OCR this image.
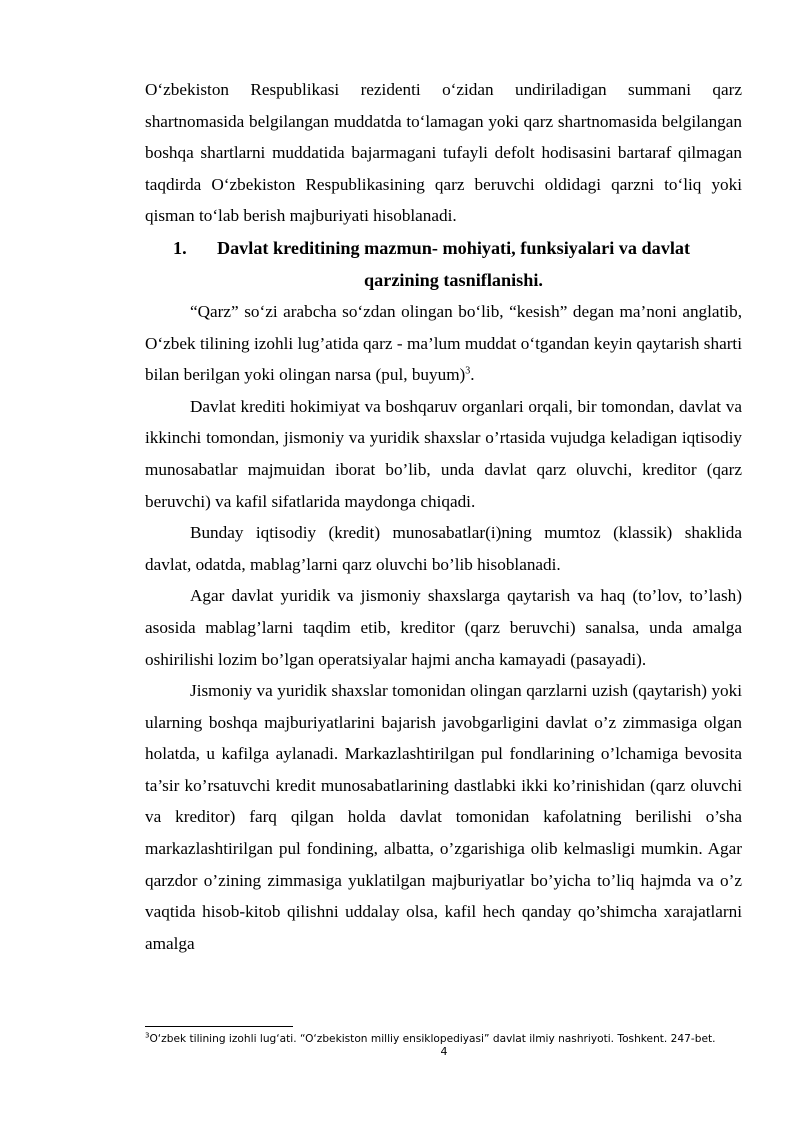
O‘zbekiston Respublikasi rezidenti o‘zidan undiriladigan summani qarz shartnomasida belgilangan muddatda to‘lamagan yoki qarz shartnomasida belgilangan boshqa shartlarni muddatida bajarmagani tufayli defolt hodisasini bartaraf qilmagan taqdirda O‘zbekiston Respublikasining qarz beruvchi oldidagi qarzni to‘liq yoki qisman to‘lab berish majburiyati hisoblanadi.

1.	Davlat kreditining mazmun- mohiyati, funksiyalari va davlat qarzining tasniflanishi.

“Qarz” so‘zi arabcha so‘zdan olingan bo‘lib, “kesish” degan ma’noni anglatib, O‘zbek tilining izohli lug’atida qarz - ma’lum muddat o‘tgandan keyin qaytarish sharti bilan berilgan yoki olingan narsa (pul, buyum)$^3$.

Davlat krediti hokimiyat va boshqaruv organlari orqali, bir tomondan, davlat va ikkinchi tomondan, jismoniy va yuridik shaxslar o’rtasida vujudga keladigan iqtisodiy munosabatlar majmuidan iborat bo’lib, unda davlat qarz oluvchi, kreditor (qarz beruvchi) va kafil sifatlarida maydonga chiqadi.

Bunday iqtisodiy (kredit) munosabatlar(i)ning mumtoz (klassik) shaklida davlat, odatda, mablag’larni qarz oluvchi bo’lib hisoblanadi.

Agar davlat yuridik va jismoniy shaxslarga qaytarish va haq (to’lov, to’lash) asosida mablag’larni taqdim etib, kreditor (qarz beruvchi) sanalsa, unda amalga oshirilishi lozim bo’lgan operatsiyalar hajmi ancha kamayadi (pasayadi).

Jismoniy va yuridik shaxslar tomonidan olingan qarzlarni uzish (qaytarish) yoki ularning boshqa majburiyatlarini bajarish javobgarligini davlat o’z zimmasiga olgan holatda, u kafilga aylanadi. Markazlashtirilgan pul fondlarining o’lchamiga bevosita ta’sir ko’rsatuvchi kredit munosabatlarining dastlabki ikki ko’rinishidan (qarz oluvchi va kreditor) farq qilgan holda davlat tomonidan kafolatning berilishi o’sha markazlashtirilgan pul fondining, albatta, o’zgarishiga olib kelmasligi mumkin. Agar qarzdor o’zining zimmasiga yuklatilgan majburiyatlar bo’yicha to’liq hajmda va o’z vaqtida hisob-kitob qilishni uddalay olsa, kafil hech qanday qo’shimcha xarajatlarni amalga

$^3$O‘zbek tilining izohli lug‘ati. “O‘zbekiston milliy ensiklopediyasi” davlat ilmiy nashriyoti. Toshkent. 247-bet.
4
